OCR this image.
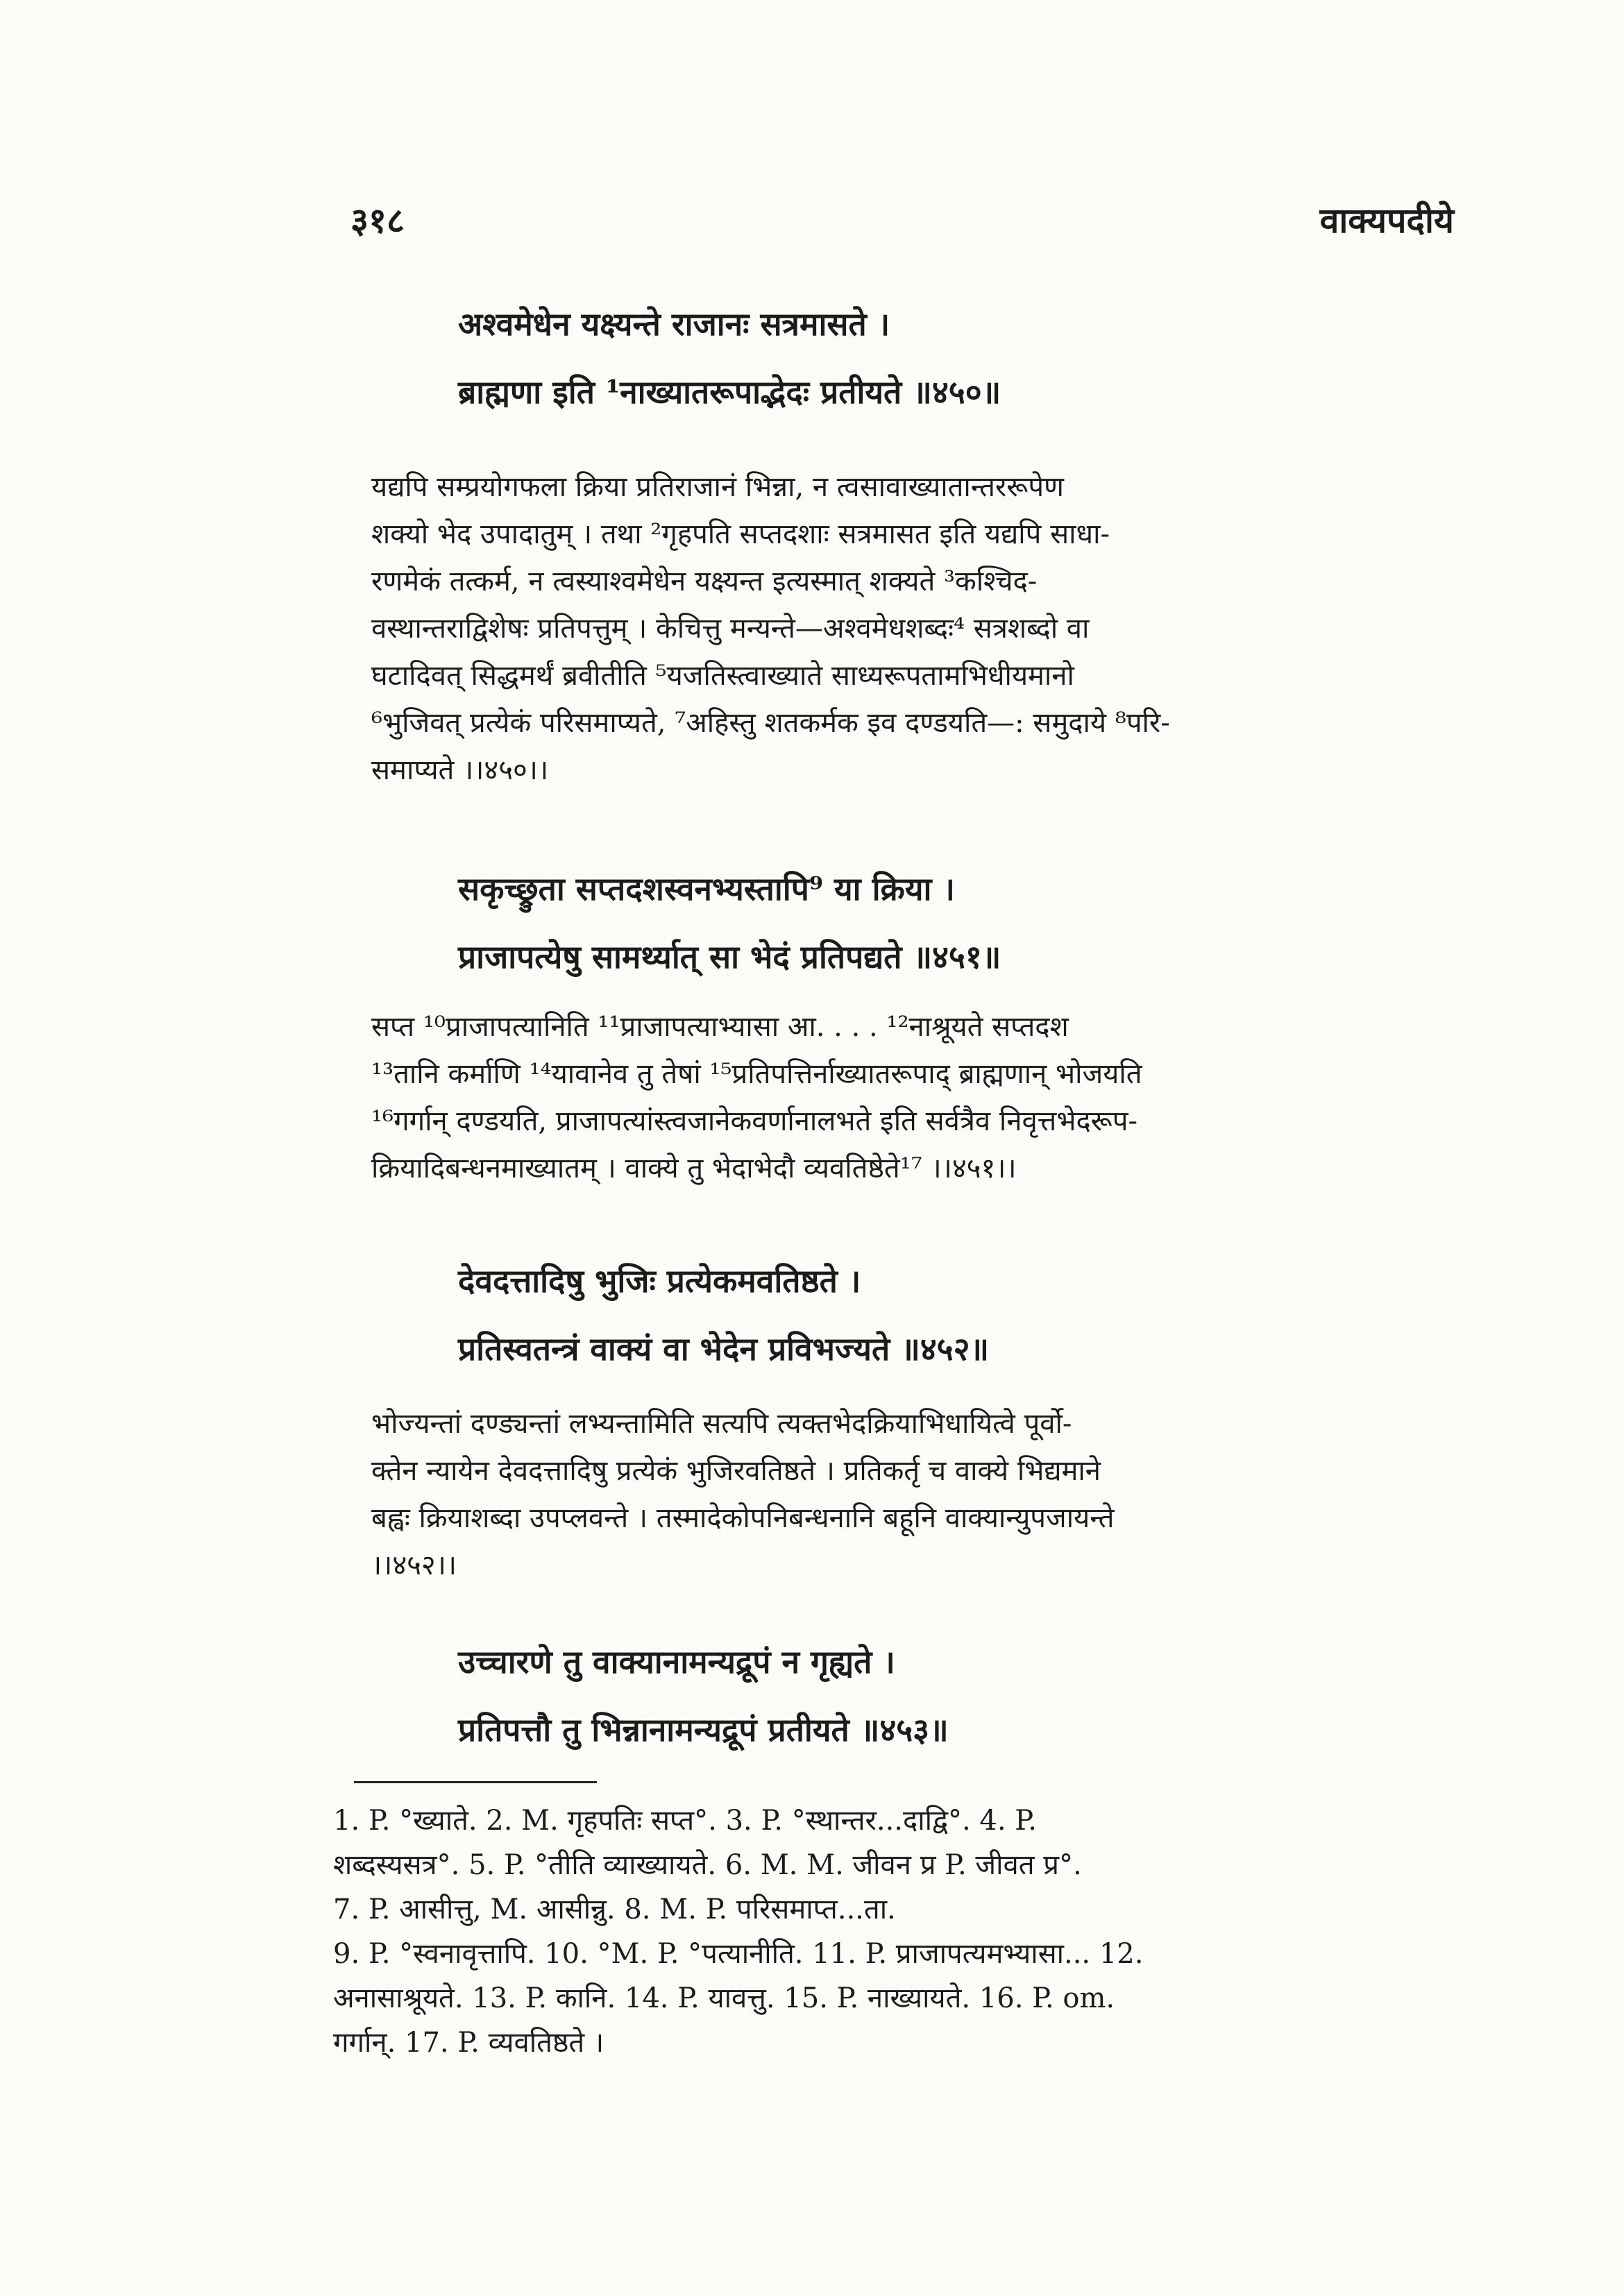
३१८	वाक्यपदीये
अश्वमेधेन यक्ष्यन्ते राजानः सत्रमासते ।
ब्राह्मणा इति ¹नाख्यातरूपाद्भेदः प्रतीयते ॥४५०॥
यद्यपि सम्प्रयोगफला क्रिया प्रतिराजानं भिन्ना, न त्वसावाख्यातान्तररूपेण
शक्यो भेद उपादातुम् । तथा ²गृहपति सप्तदशाः सत्रमासत इति यद्यपि साधा-
रणमेकं तत्कर्म, न त्वस्याश्वमेधेन यक्ष्यन्त इत्यस्मात् शक्यते ³कश्चिद-
वस्थान्तराद्विशेषः प्रतिपत्तुम् । केचित्तु मन्यन्ते—अश्वमेधशब्दः⁴ सत्रशब्दो वा
घटादिवत् सिद्धमर्थं ब्रवीतीति ⁵यजतिस्त्वाख्याते साध्यरूपतामभिधीयमानो
⁶भुजिवत् प्रत्येकं परिसमाप्यते, ⁷अहिस्तु शतकर्मक इव दण्डयति—: समुदाये ⁸परि-
समाप्यते ।।४५०।।
सकृच्छ्रुता सप्तदशस्वनभ्यस्तापि⁹ या क्रिया ।
प्राजापत्येषु सामर्थ्यात् सा भेदं प्रतिपद्यते ॥४५१॥
सप्त ¹⁰प्राजापत्यानिति ¹¹प्राजापत्याभ्यासा आ. . . . ¹²नाश्रूयते सप्तदश
¹³तानि कर्माणि ¹⁴यावानेव तु तेषां ¹⁵प्रतिपत्तिर्नाख्यातरूपाद् ब्राह्मणान् भोजयति
¹⁶गर्गान् दण्डयति, प्राजापत्यांस्त्वजानेकवर्णानालभते इति सर्वत्रैव निवृत्तभेदरूप-
क्रियादिबन्धनमाख्यातम् । वाक्ये तु भेदाभेदौ व्यवतिष्ठेते¹⁷ ।।४५१।।
देवदत्तादिषु भुजिः प्रत्येकमवतिष्ठते ।
प्रतिस्वतन्त्रं वाक्यं वा भेदेन प्रविभज्यते ॥४५२॥
भोज्यन्तां दण्ड्यन्तां लभ्यन्तामिति सत्यपि त्यक्तभेदक्रियाभिधायित्वे पूर्वो-
क्तेन न्यायेन देवदत्तादिषु प्रत्येकं भुजिरवतिष्ठते । प्रतिकर्तृ च वाक्ये भिद्यमाने
बह्वः क्रियाशब्दा उपप्लवन्ते । तस्मादेकोपनिबन्धनानि बहूनि वाक्यान्युपजायन्ते
।।४५२।।
उच्चारणे तु वाक्यानामन्यद्रूपं न गृह्यते ।
प्रतिपत्तौ तु भिन्नानामन्यद्रूपं प्रतीयते ॥४५३॥
1. P. °ख्याते. 2. M. गृहपतिः सप्त°. 3. P. °स्थान्तर...दाद्वि°. 4. P.
शब्दस्यसत्र°. 5. P. °तीति व्याख्यायते. 6. M. M. जीवन प्र P. जीवत प्र°.
7. P. आसीत्तु, M. आसीन्नु. 8. M. P. परिसमाप्त...ता.
9. P. °स्वनावृत्तापि. 10. °M. P. °पत्यानीति. 11. P. प्राजापत्यमभ्यासा... 12.
अनासाश्रूयते. 13. P. कानि. 14. P. यावत्तु. 15. P. नाख्यायते. 16. P. om.
गर्गान्. 17. P. व्यवतिष्ठते ।
